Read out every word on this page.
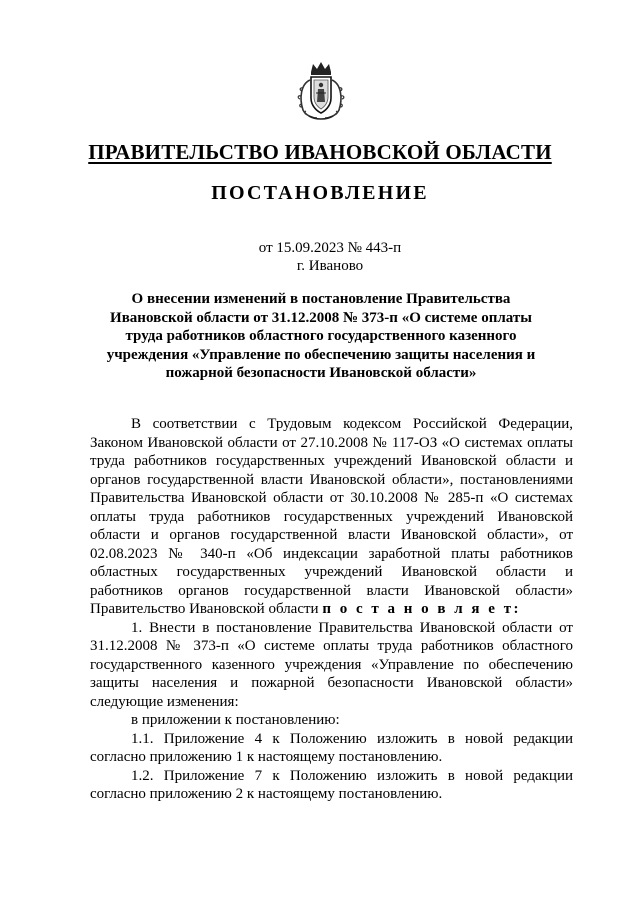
ПРАВИТЕЛЬСТВО ИВАНОВСКОЙ ОБЛАСТИ
ПОСТАНОВЛЕНИЕ
от 15.09.2023 № 443-п
г. Иваново
О внесении изменений в постановление Правительства Ивановской области от 31.12.2008 № 373-п «О системе оплаты труда работников областного государственного казенного учреждения «Управление по обеспечению защиты населения и пожарной безопасности Ивановской области»

В соответствии с Трудовым кодексом Российской Федерации, Законом Ивановской области от 27.10.2008 № 117-ОЗ «О системах оплаты труда работников государственных учреждений Ивановской области и органов государственной власти Ивановской области», постановлениями Правительства Ивановской области от 30.10.2008 № 285-п «О системах оплаты труда работников государственных учреждений Ивановской области и органов государственной власти Ивановской области», от 02.08.2023 № 340-п «Об индексации заработной платы работников областных государственных учреждений Ивановской области и работников органов государственной власти Ивановской области» Правительство Ивановской области п о с т а н о в л я е т:

1. Внести в постановление Правительства Ивановской области от 31.12.2008 № 373-п «О системе оплаты труда работников областного государственного казенного учреждения «Управление по обеспечению защиты населения и пожарной безопасности Ивановской области» следующие изменения:

в приложении к постановлению:

1.1. Приложение 4 к Положению изложить в новой редакции согласно приложению 1 к настоящему постановлению.

1.2. Приложение 7 к Положению изложить в новой редакции согласно приложению 2 к настоящему постановлению.
